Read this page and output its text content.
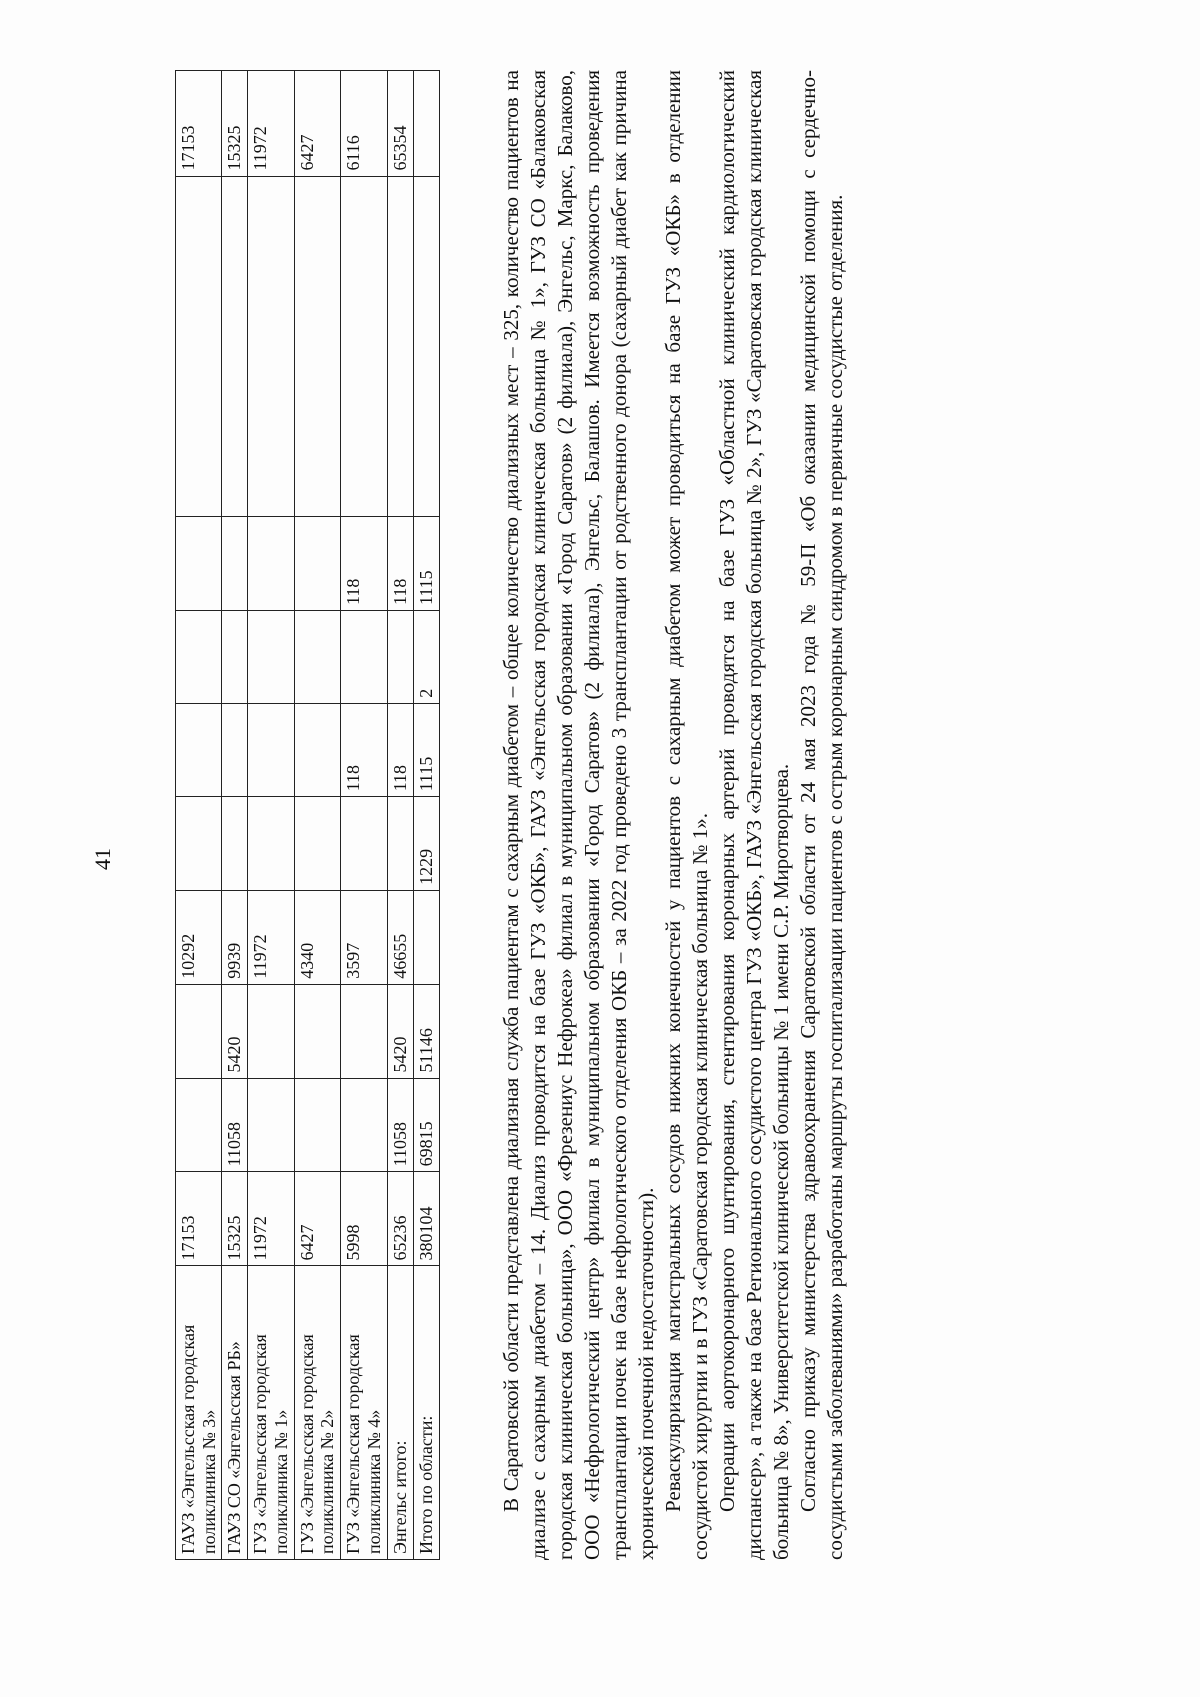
41
ГАУЗ «Энгельсская городская поликлиника № 3»	17153			10292						17153
ГАУЗ СО «Энгельсская РБ»	15325	11058	5420	9939						15325
ГУЗ «Энгельсская городская поликлиника № 1»	11972			11972						11972
ГУЗ «Энгельсская городская поликлиника № 2»	6427			4340						6427
ГУЗ «Энгельсская городская поликлиника № 4»	5998			3597		118		118		6116
Энгельс итого:	65236	11058	5420	46655		118		118		65354
Итого по области:	380104	69815	51146		1229	1115	2	1115			В Саратовской области представлена диализная служба пациентам с сахарным диабетом – общее количество диализных мест – 325, количество пациентов на диализе с сахарным диабетом – 14. Диализ проводится на базе ГУЗ «ОКБ», ГАУЗ «Энгельсская городская клиническая больница № 1», ГУЗ СО «Балаковская городская клиническая больница», ООО «Фрезениус Нефрокеа» филиал в муниципальном образовании «Город Саратов» (2 филиала), Энгельс, Маркс, Балаково, ООО «Нефрологический центр» филиал в муниципальном образовании «Город Саратов» (2 филиала), Энгельс, Балашов. Имеется возможность проведения трансплантации почек на базе нефрологического отделения ОКБ – за 2022 год проведено 3 трансплантации от родственного донора (сахарный диабет как причина хронической почечной недостаточности). Реваскуляризация магистральных сосудов нижних конечностей у пациентов с сахарным диабетом может проводиться на базе ГУЗ «ОКБ» в отделении сосудистой хирургии и в ГУЗ «Саратовская городская клиническая больница № 1». Операции аортокоронарного шунтирования, стентирования коронарных артерий проводятся на базе ГУЗ «Областной клинический кардиологический диспансер», а также на базе Регионального сосудистого центра ГУЗ «ОКБ», ГАУЗ «Энгельсская городская больница № 2», ГУЗ «Саратовская городская клиническая больница № 8», Университетской клинической больницы № 1 имени С.Р. Миротворцева. Согласно приказу министерства здравоохранения Саратовской области от 24 мая 2023 года № 59-П «Об оказании медицинской помощи с сердечно-сосудистыми заболеваниями» разработаны маршруты госпитализации пациентов с острым коронарным синдромом в первичные сосудистые отделения.
